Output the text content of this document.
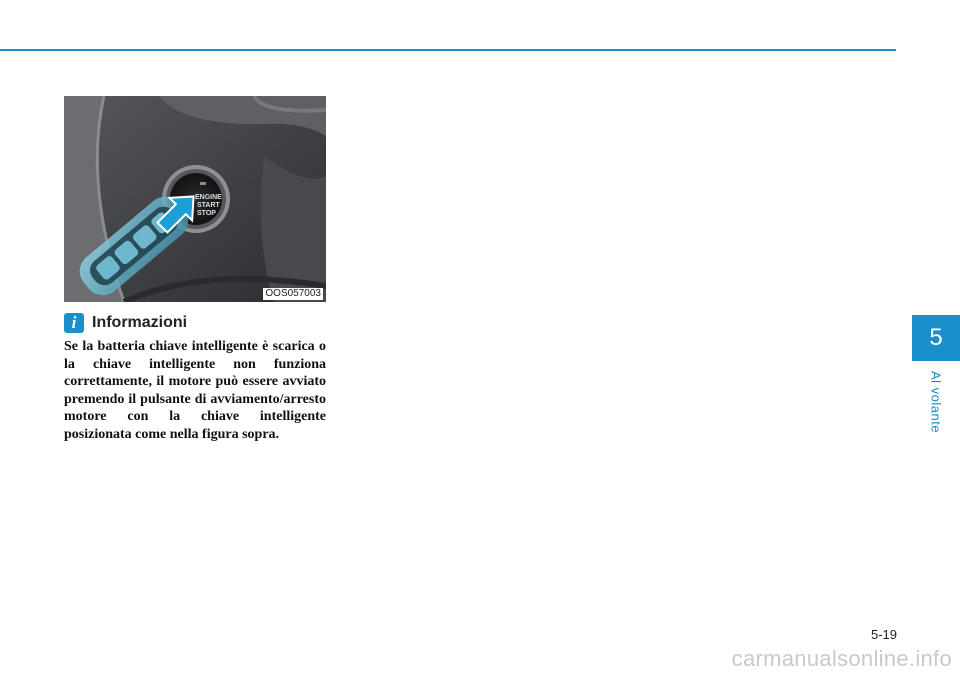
ENGINE
START
STOP
OOS057003
i Informazioni

Se la batteria chiave intelligente è scarica o la chiave intelligente non funziona correttamente, il motore può essere avviato premendo il pulsante di avviamento/arresto motore con la chiave intelligente posizionata come nella figura sopra.

5
Al volante
5-19
carmanualsonline.info
